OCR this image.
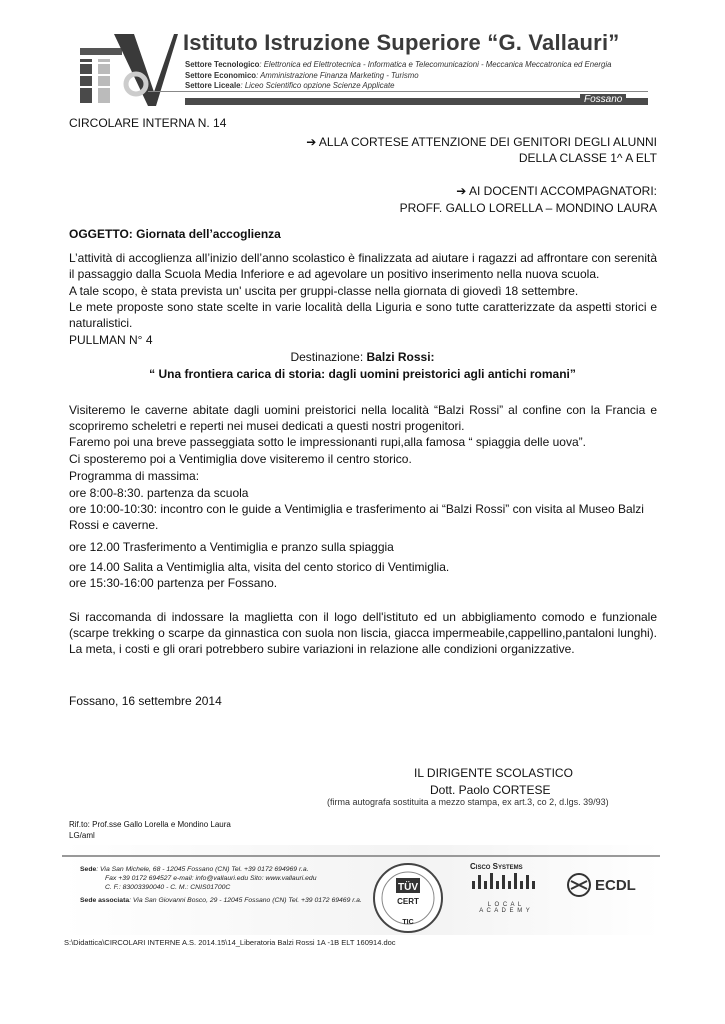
Istituto Istruzione Superiore “G. Vallauri”
Settore Tecnologico: Elettronica ed Elettrotecnica - Informatica e Telecomunicazioni - Meccanica Meccatronica ed Energia
Settore Economico: Amministrazione Finanza Marketing - Turismo
Settore Liceale: Liceo Scientifico opzione Scienze Applicate
Fossano
CIRCOLARE INTERNA N. 14
➔ ALLA CORTESE ATTENZIONE DEI GENITORI DEGLI ALUNNI
DELLA CLASSE 1^ A ELT
➔ AI DOCENTI ACCOMPAGNATORI:
PROFF. GALLO LORELLA – MONDINO LAURA
OGGETTO: Giornata dell’accoglienza
L’attività di accoglienza all’inizio dell’anno scolastico è finalizzata ad aiutare i ragazzi ad affrontare con serenità il passaggio dalla Scuola Media Inferiore e ad agevolare un positivo inserimento nella nuova scuola.
A tale scopo, è stata prevista un' uscita per gruppi-classe nella giornata di giovedì 18 settembre.
Le mete proposte sono state scelte in varie località della Liguria e sono tutte caratterizzate da aspetti storici e naturalistici.
PULLMAN N° 4
Destinazione: Balzi Rossi:
“ Una frontiera carica di storia: dagli uomini preistorici agli antichi romani”
Visiteremo le caverne abitate dagli uomini preistorici nella località “Balzi Rossi” al confine con la Francia e scopriremo scheletri e reperti nei musei dedicati a questi nostri progenitori.
Faremo poi una breve passeggiata sotto le impressionanti rupi,alla famosa “ spiaggia delle uova”.
Ci sposteremo poi a Ventimiglia dove visiteremo il centro storico.
Programma di massima:
ore 8:00-8:30. partenza da scuola
ore 10:00-10:30: incontro con le guide a Ventimiglia e trasferimento ai “Balzi Rossi” con visita al Museo Balzi Rossi e caverne.
ore 12.00 Trasferimento a Ventimiglia e pranzo sulla spiaggia
ore 14.00 Salita a Ventimiglia alta, visita del cento storico di Ventimiglia.
ore 15:30-16:00 partenza per Fossano.
Si raccomanda di indossare la maglietta con il logo dell'istituto ed un abbigliamento comodo e funzionale (scarpe trekking o scarpe da ginnastica con suola non liscia, giacca impermeabile,cappellino,pantaloni lunghi). La meta, i costi e gli orari potrebbero subire variazioni in relazione alle condizioni organizzative.
Fossano, 16 settembre 2014
IL DIRIGENTE SCOLASTICO
Dott. Paolo CORTESE
(firma autografa sostituita a mezzo stampa, ex art.3, co 2, d.lgs. 39/93)
Rif.to: Prof.sse Gallo Lorella e Mondino Laura
LG/aml
Sede: Via San Michele, 68 - 12045 Fossano (CN) Tel. +39 0172 694969 r.a.
Fax +39 0172 694527 e-mail: info@vallauri.edu Sito: www.vallauri.edu
C. F.: 83003390040 - C. M.: CNIS01700C
Sede associata: Via San Giovanni Bosco, 29 - 12045 Fossano (CN) Tel. +39 0172 69469 r.a.
TÜV
CERT
TIC
Cisco Systems
L O C A L
A C A D E M Y
ECDL
S:\Didattica\CIRCOLARI INTERNE A.S. 2014.15\14_Liberatoria Balzi Rossi 1A -1B ELT 160914.doc
